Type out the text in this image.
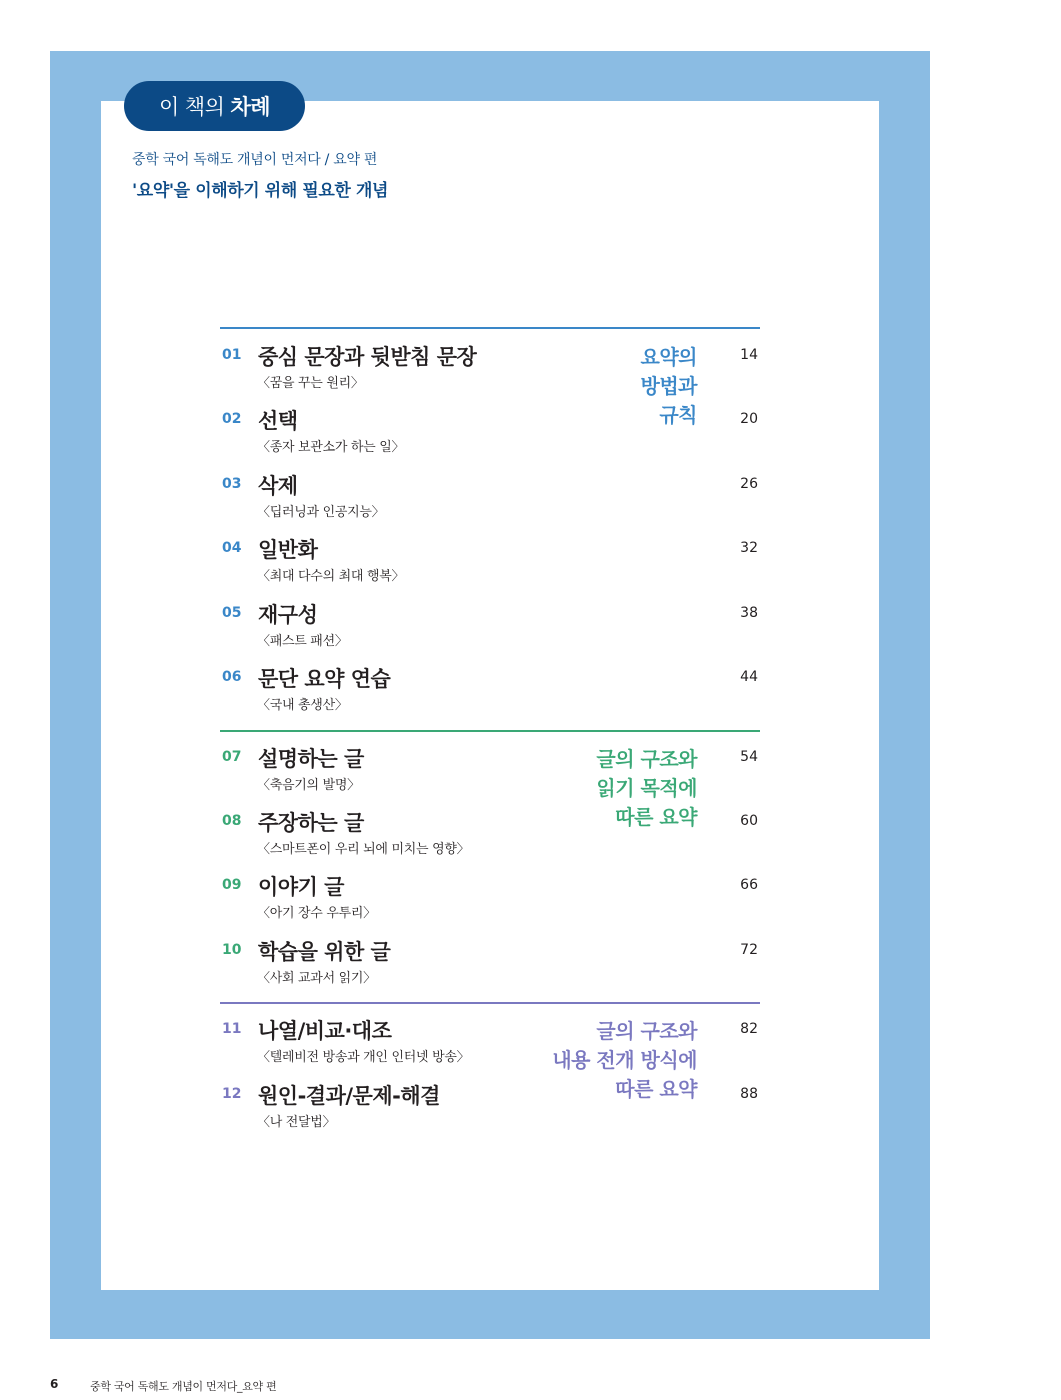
이 책의 차례
중학 국어 독해도 개념이 먼저다 / 요약 편
'요약'을 이해하기 위해 필요한 개념
요약의
방법과
규칙
01 중심 문장과 뒷받침 문장
〈꿈을 꾸는 원리〉
14
02 선택
〈종자 보관소가 하는 일〉
20
03 삭제
〈딥러닝과 인공지능〉
26
04 일반화
〈최대 다수의 최대 행복〉
32
05 재구성
〈패스트 패션〉
38
06 문단 요약 연습
〈국내 총생산〉
44
글의 구조와
읽기 목적에
따른 요약
07 설명하는 글
〈축음기의 발명〉
54
08 주장하는 글
〈스마트폰이 우리 뇌에 미치는 영향〉
60
09 이야기 글
〈아기 장수 우투리〉
66
10 학습을 위한 글
〈사회 교과서 읽기〉
72
글의 구조와
내용 전개 방식에
따른 요약
11 나열/비교·대조
〈텔레비전 방송과 개인 인터넷 방송〉
82
12 원인-결과/문제-해결
〈나 전달법〉
88
6	중학 국어 독해도 개념이 먼저다_요약 편
